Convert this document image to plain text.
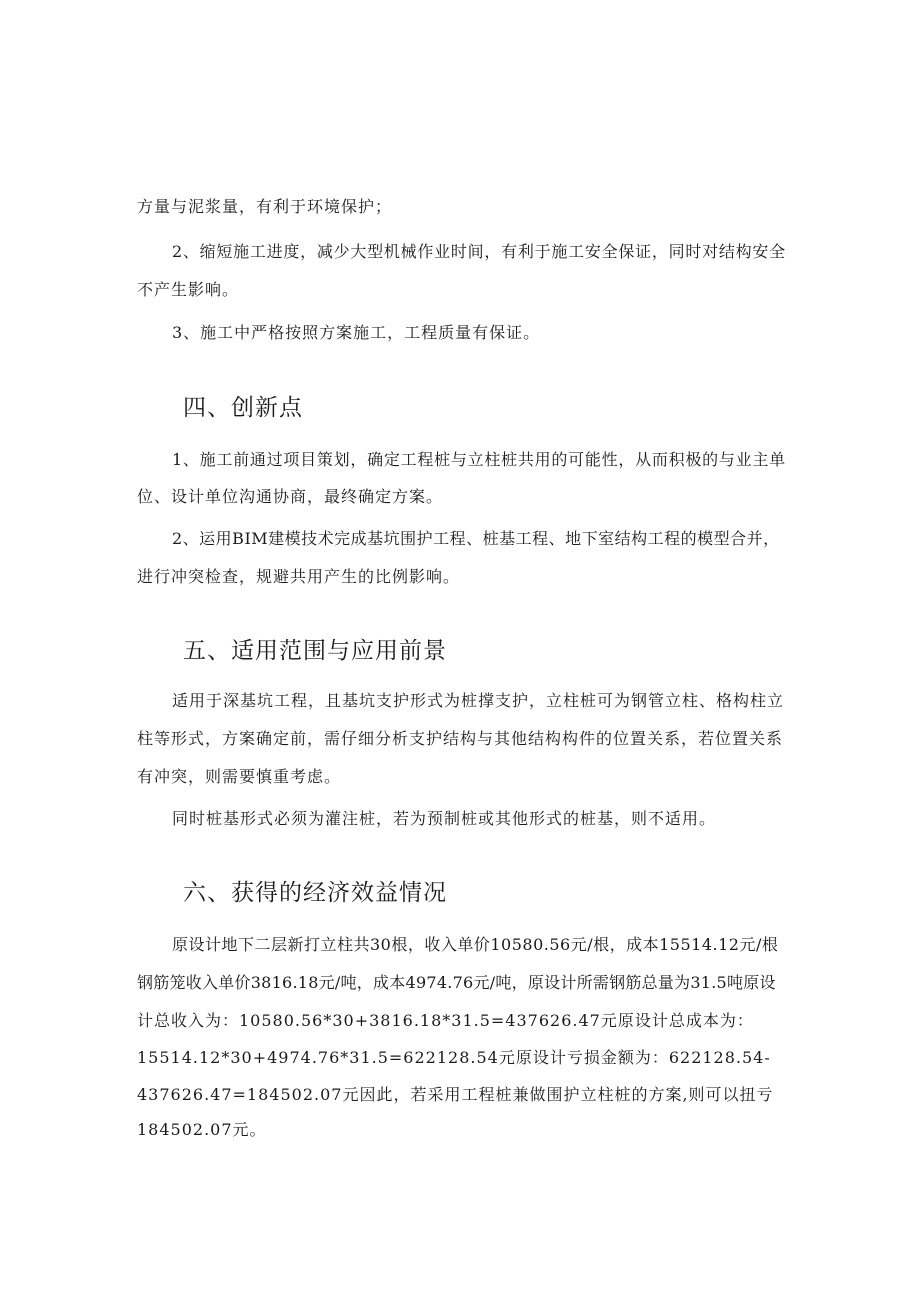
方量与泥浆量，有利于环境保护；
2、缩短施工进度，减少大型机械作业时间，有利于施工安全保证，同时对结构安全
不产生影响。
3、施工中严格按照方案施工，工程质量有保证。
四、创新点
1、施工前通过项目策划，确定工程桩与立柱桩共用的可能性，从而积极的与业主单
位、设计单位沟通协商，最终确定方案。
2、运用BIM建模技术完成基坑围护工程、桩基工程、地下室结构工程的模型合并，
进行冲突检查，规避共用产生的比例影响。
五、适用范围与应用前景
适用于深基坑工程，且基坑支护形式为桩撑支护，立柱桩可为钢管立柱、格构柱立
柱等形式，方案确定前，需仔细分析支护结构与其他结构构件的位置关系，若位置关系
有冲突，则需要慎重考虑。
同时桩基形式必须为灌注桩，若为预制桩或其他形式的桩基，则不适用。
六、获得的经济效益情况
原设计地下二层新打立柱共30根，收入单价10580.56元/根，成本15514.12元/根
钢筋笼收入单价3816.18元/吨，成本4974.76元/吨，原设计所需钢筋总量为31.5吨原设
计总收入为：10580.56*30+3816.18*31.5=437626.47元原设计总成本为：
15514.12*30+4974.76*31.5=622128.54元原设计亏损金额为：622128.54-
437626.47=184502.07元因此，若采用工程桩兼做围护立柱桩的方案,则可以扭亏
184502.07元。
